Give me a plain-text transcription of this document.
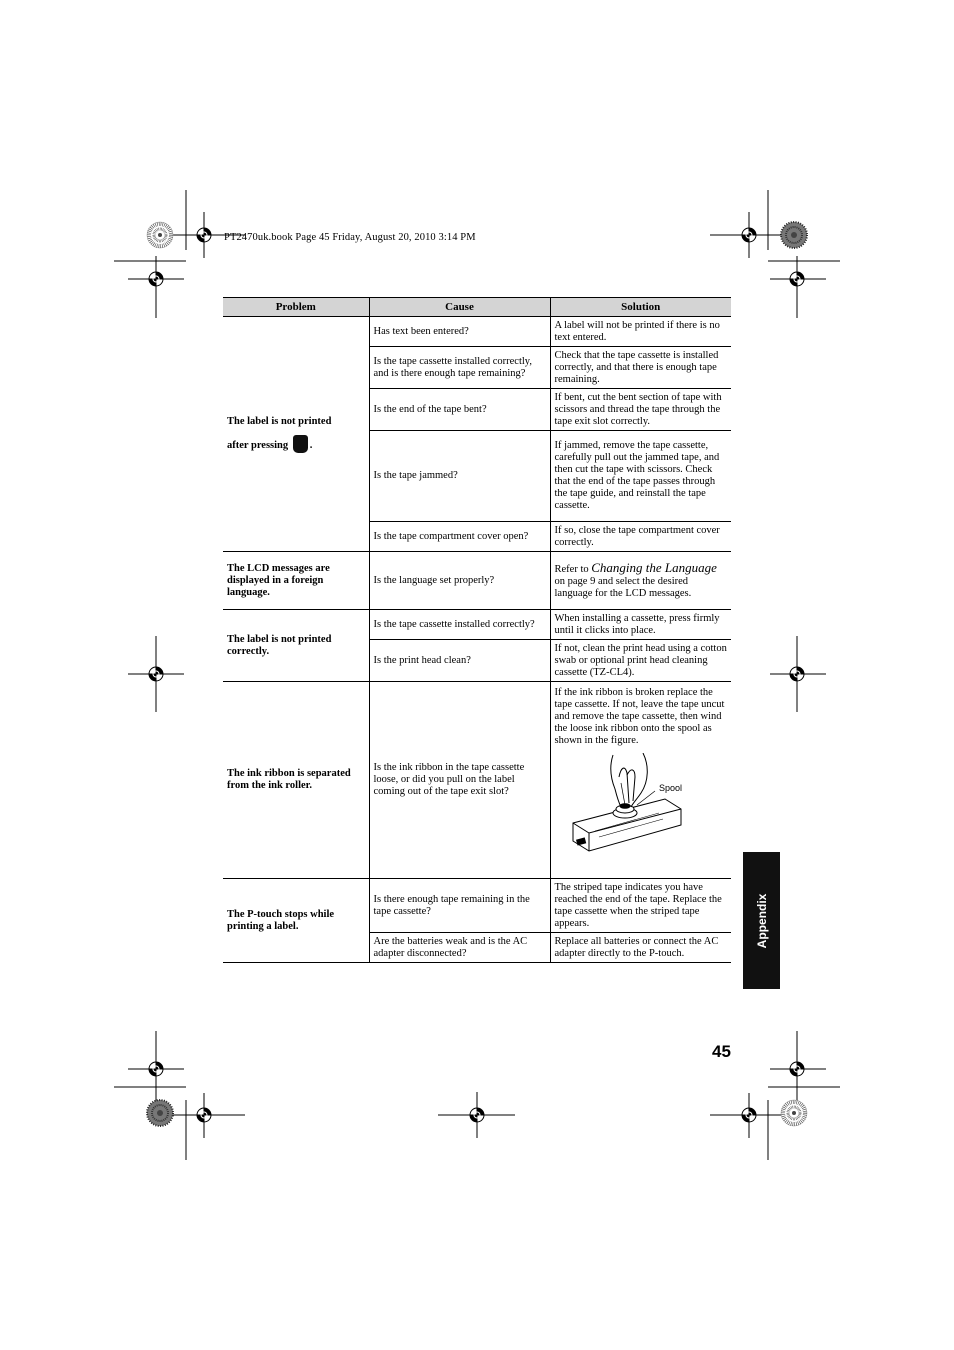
PT2470uk.book Page 45 Friday, August 20, 2010 3:14 PM
Problem	Cause	Solution

The label is not printed
after pressing .	Has text been entered?	A label will not be printed if there is no text entered.
	Is the tape cassette installed correctly, and is there enough tape remaining?	Check that the tape cassette is installed correctly, and that there is enough tape remaining.
	Is the end of the tape bent?	If bent, cut the bent section of tape with scissors and thread the tape through the tape exit slot correctly.
	Is the tape jammed?	If jammed, remove the tape cassette, carefully pull out the jammed tape, and then cut the tape with scissors. Check that the end of the tape passes through the tape guide, and reinstall the tape cassette.
	Is the tape compartment cover open?	If so, close the tape compartment cover correctly.
The LCD messages are displayed in a foreign language.	Is the language set properly?	Refer to Changing the Language on page 9 and select the desired language for the LCD messages.
The label is not printed correctly.	Is the tape cassette installed correctly?	When installing a cassette, press firmly until it clicks into place.
	Is the print head clean?	If not, clean the print head using a cotton swab or optional print head cleaning cassette (TZ-CL4).
The ink ribbon is separated from the ink roller.	Is the ink ribbon in the tape cassette loose, or did you pull on the label coming out of the tape exit slot?	If the ink ribbon is broken replace the tape cassette. If not, leave the tape uncut and remove the tape cassette, then wind the loose ink ribbon onto the spool as shown in the figure.
Spool

The P-touch stops while printing a label.	Is there enough tape remaining in the tape cassette?	The striped tape indicates you have reached the end of the tape. Replace the tape cassette when the striped tape appears.
	Are the batteries weak and is the AC adapter disconnected?	Replace all batteries or connect the AC adapter directly to the P-touch.
Appendix
45
